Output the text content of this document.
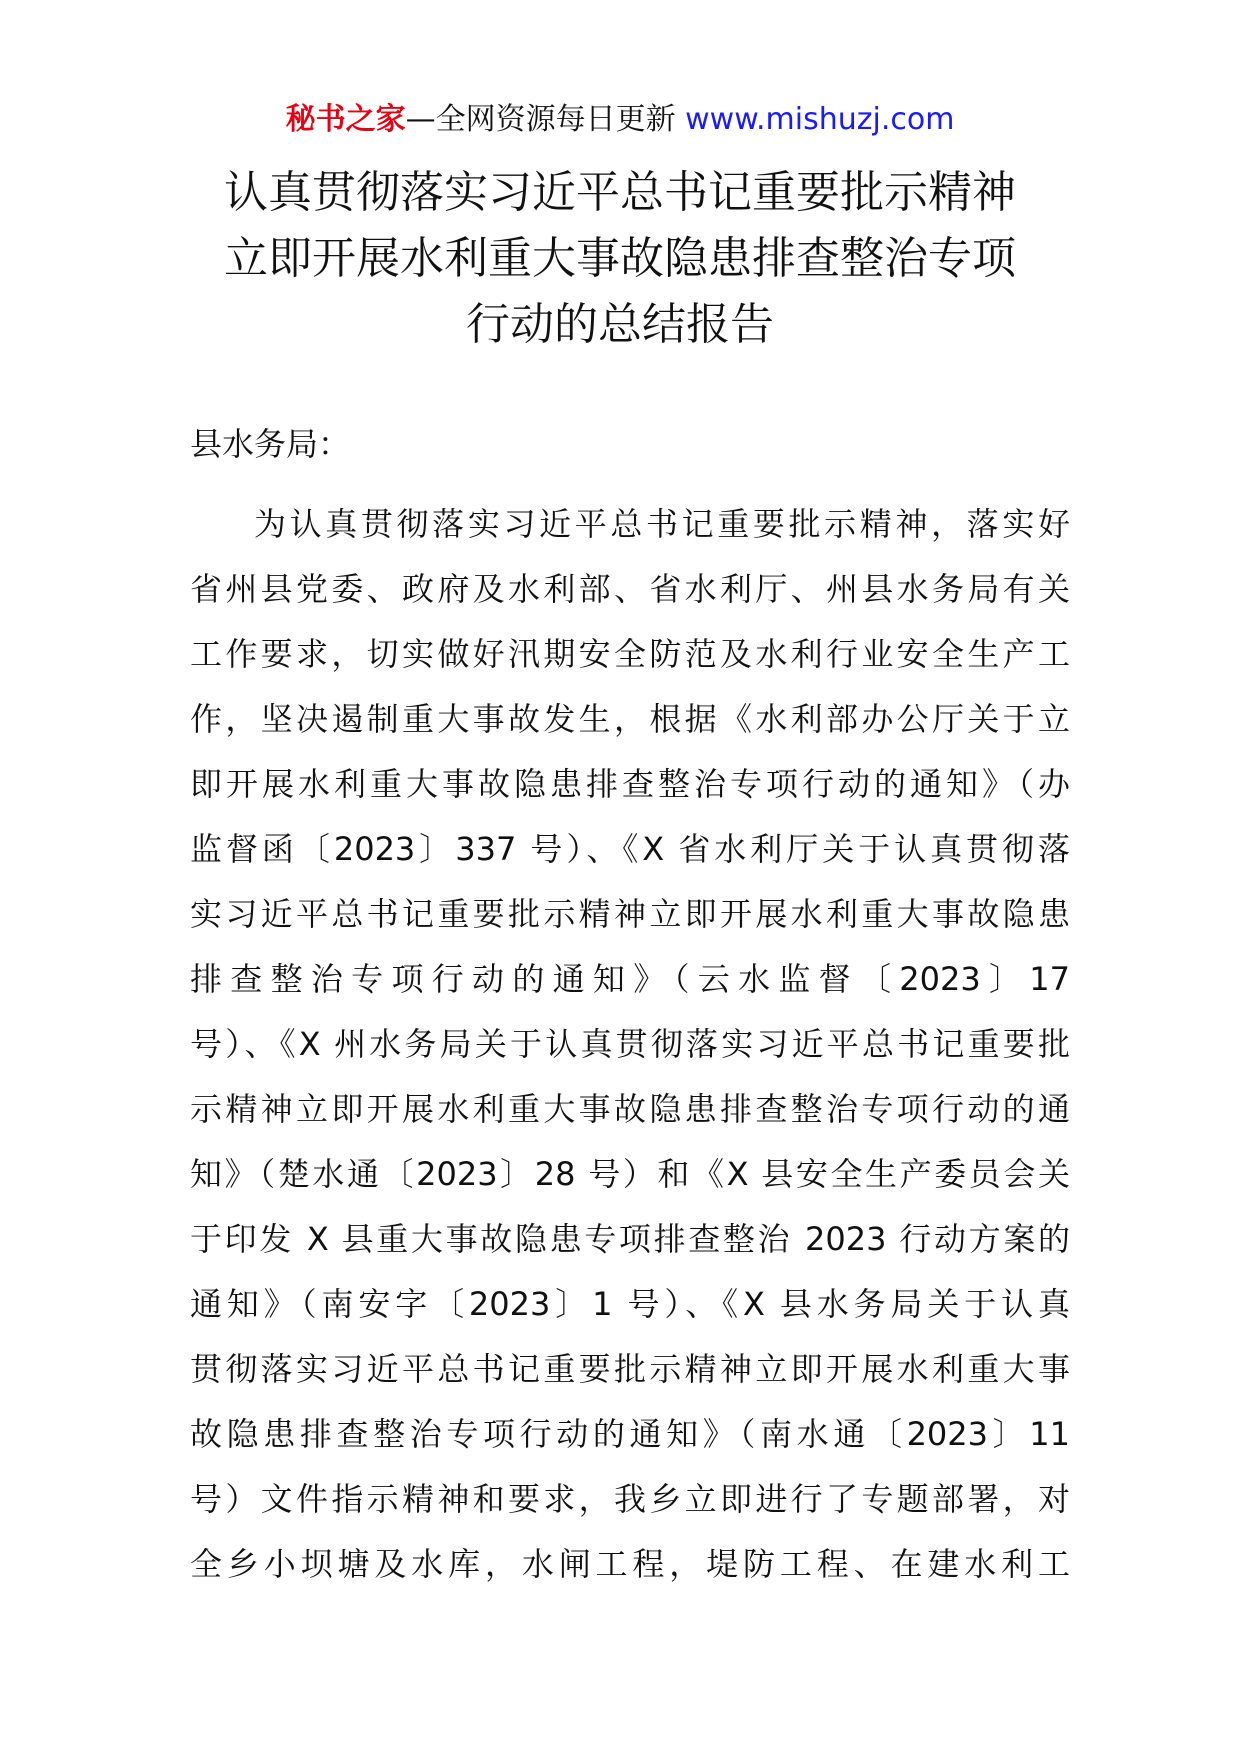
秘书之家—全网资源每日更新 www.mishuzj.com
认真贯彻落实习近平总书记重要批示精神
立即开展水利重大事故隐患排查整治专项
行动的总结报告
县水务局：
为认真贯彻落实习近平总书记重要批示精神，落实好
省州县党委、政府及水利部、省水利厅、州县水务局有关
工作要求，切实做好汛期安全防范及水利行业安全生产工
作，坚决遏制重大事故发生，根据《水利部办公厅关于立
即开展水利重大事故隐患排查整治专项行动的通知》（办
监督函〔2023〕337 号）、《X 省水利厅关于认真贯彻落
实习近平总书记重要批示精神立即开展水利重大事故隐患
排查整治专项行动的通知》（云水监督〔2023〕17
号）、《X 州水务局关于认真贯彻落实习近平总书记重要批
示精神立即开展水利重大事故隐患排查整治专项行动的通
知》（楚水通〔2023〕28 号）和《X 县安全生产委员会关
于印发 X 县重大事故隐患专项排查整治 2023 行动方案的
通知》（南安字〔2023〕1 号）、《X 县水务局关于认真
贯彻落实习近平总书记重要批示精神立即开展水利重大事
故隐患排查整治专项行动的通知》（南水通〔2023〕11
号）文件指示精神和要求，我乡立即进行了专题部署，对
全乡小坝塘及水库，水闸工程，堤防工程、在建水利工
